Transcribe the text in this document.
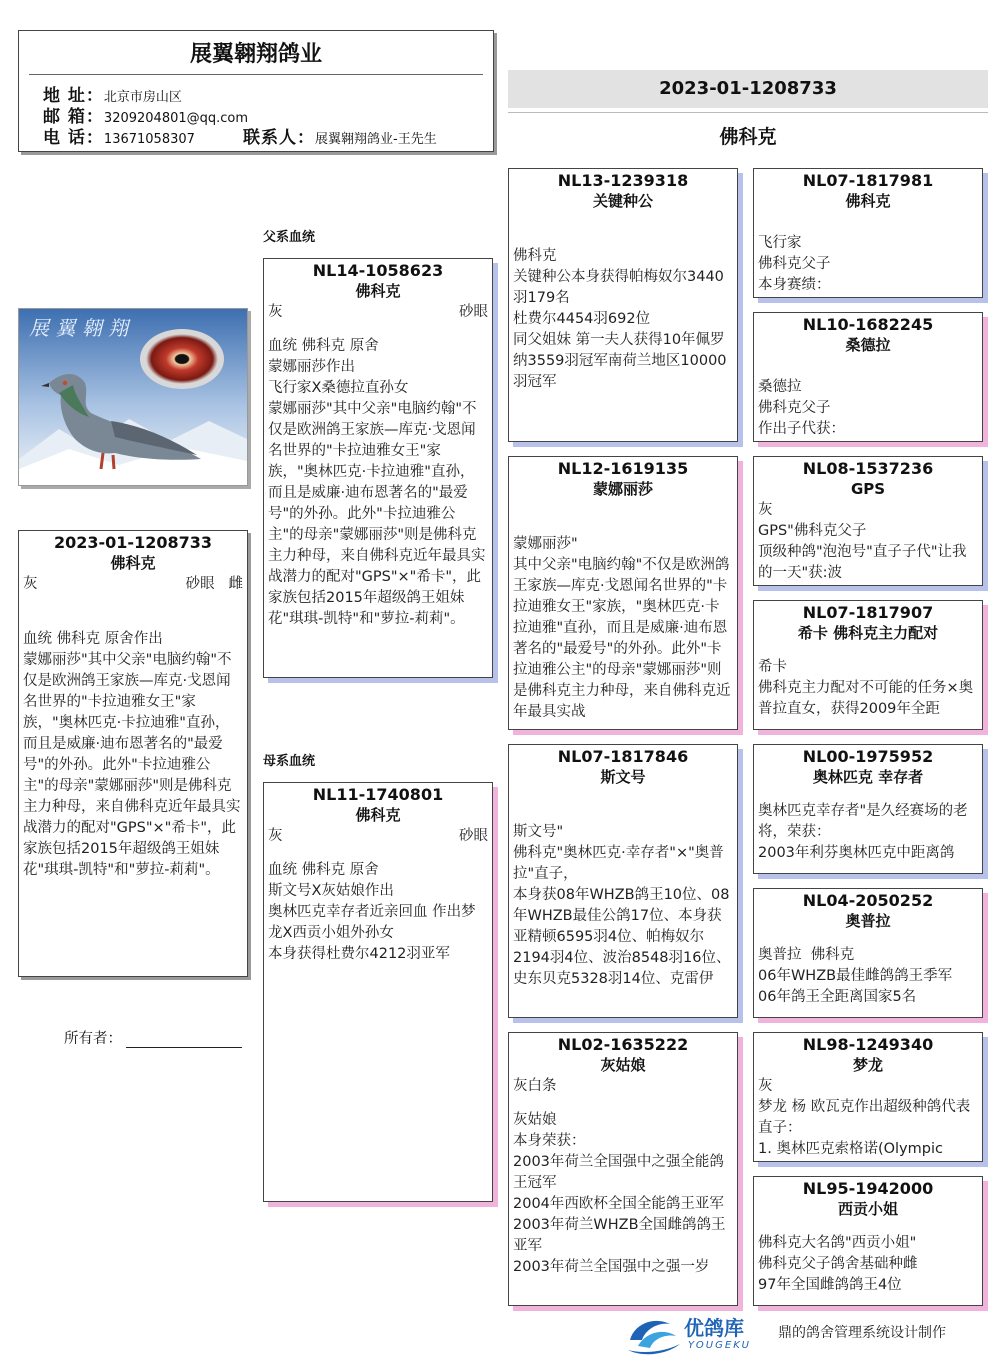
展翼翱翔鸽业
地 址：北京市房山区
邮 箱：3209204801@qq.com
电 话：13671058307	联系人：展翼翱翔鸽业-王先生
2023-01-1208733
佛科克
展 翼 翱 翔
2023-01-1208733
佛科克
灰	砂眼 雌
血统 佛科克 原舍作出
蒙娜丽莎"其中父亲"电脑约翰"不仅是欧洲鸽王家族—库克·戈恩闻名世界的"卡拉迪雅女王"家族，"奥林匹克·卡拉迪雅"直孙，而且是威廉·迪布恩著名的"最爱号"的外孙。此外"卡拉迪雅公主"的母亲"蒙娜丽莎"则是佛科克主力种母，来自佛科克近年最具实战潜力的配对"GPS"×"希卡"，此家族包括2015年超级鸽王姐妹花"琪琪-凯特"和"萝拉-莉莉"。
所有者：
父系血统
母系血统
NL14-1058623
佛科克
灰	砂眼
血统 佛科克 原舍
蒙娜丽莎作出
飞行家X桑德拉直孙女
蒙娜丽莎"其中父亲"电脑约翰"不仅是欧洲鸽王家族—库克·戈恩闻名世界的"卡拉迪雅女王"家族，"奥林匹克·卡拉迪雅"直孙，而且是威廉·迪布恩著名的"最爱号"的外孙。此外"卡拉迪雅公主"的母亲"蒙娜丽莎"则是佛科克主力种母，来自佛科克近年最具实战潜力的配对"GPS"×"希卡"，此家族包括2015年超级鸽王姐妹花"琪琪-凯特"和"萝拉-莉莉"。
NL11-1740801
佛科克
灰	砂眼
血统 佛科克 原舍
斯文号X灰姑娘作出
奥林匹克幸存者近亲回血 作出梦龙X西贡小姐外孙女
本身获得杜费尔4212羽亚军
NL13-1239318
关键种公
佛科克
关键种公本身获得帕梅奴尔3440羽179名
杜费尔4454羽692位
同父姐妹 第一夫人获得10年佩罗纳3559羽冠军南荷兰地区10000羽冠军
NL12-1619135
蒙娜丽莎
蒙娜丽莎"
其中父亲"电脑约翰"不仅是欧洲鸽王家族—库克·戈恩闻名世界的"卡拉迪雅女王"家族，"奥林匹克·卡拉迪雅"直孙，而且是威廉·迪布恩著名的"最爱号"的外孙。此外"卡拉迪雅公主"的母亲"蒙娜丽莎"则是佛科克主力种母，来自佛科克近年最具实战
NL07-1817846
斯文号
斯文号"
佛科克"奥林匹克·幸存者"×"奥普拉"直子，
本身获08年WHZB鸽王10位、08年WHZB最佳公鸽17位、本身获亚精顿6595羽4位、帕梅奴尔2194羽4位、波治8548羽16位、史东贝克5328羽14位、克雷伊
NL02-1635222
灰姑娘
灰白条
灰姑娘
本身荣获：
2003年荷兰全国强中之强全能鸽王冠军
2004年西欧杯全国全能鸽王亚军
2003年荷兰WHZB全国雌鸽鸽王亚军
2003年荷兰全国强中之强一岁
NL07-1817981
佛科克
飞行家
佛科克父子
本身赛绩：
NL10-1682245
桑德拉
桑德拉
佛科克父子
作出子代获：
NL08-1537236
GPS
灰
GPS"佛科克父子
顶级种鸽"泡泡号"直子子代"让我的一天"获:波
NL07-1817907
希卡 佛科克主力配对
希卡
佛科克主力配对不可能的任务×奥普拉直女，获得2009年全距
NL00-1975952
奥林匹克 幸存者
奥林匹克幸存者"是久经赛场的老将，荣获：
2003年利芬奥林匹克中距离鸽
NL04-2050252
奥普拉
奥普拉  佛科克
06年WHZB最佳雌鸽鸽王季军
06年鸽王全距离国家5名
NL98-1249340
梦龙
灰
梦龙 杨 欧瓦克作出超级种鸽代表直子：
1. 奥林匹克索格诺(Olympic
NL95-1942000
西贡小姐
佛科克大名鸽"西贡小姐"
佛科克父子鸽舍基础种雌
97年全国雌鸽鸽王4位
优鸽库
YOUGEKU
鼎的鸽舍管理系统设计制作
